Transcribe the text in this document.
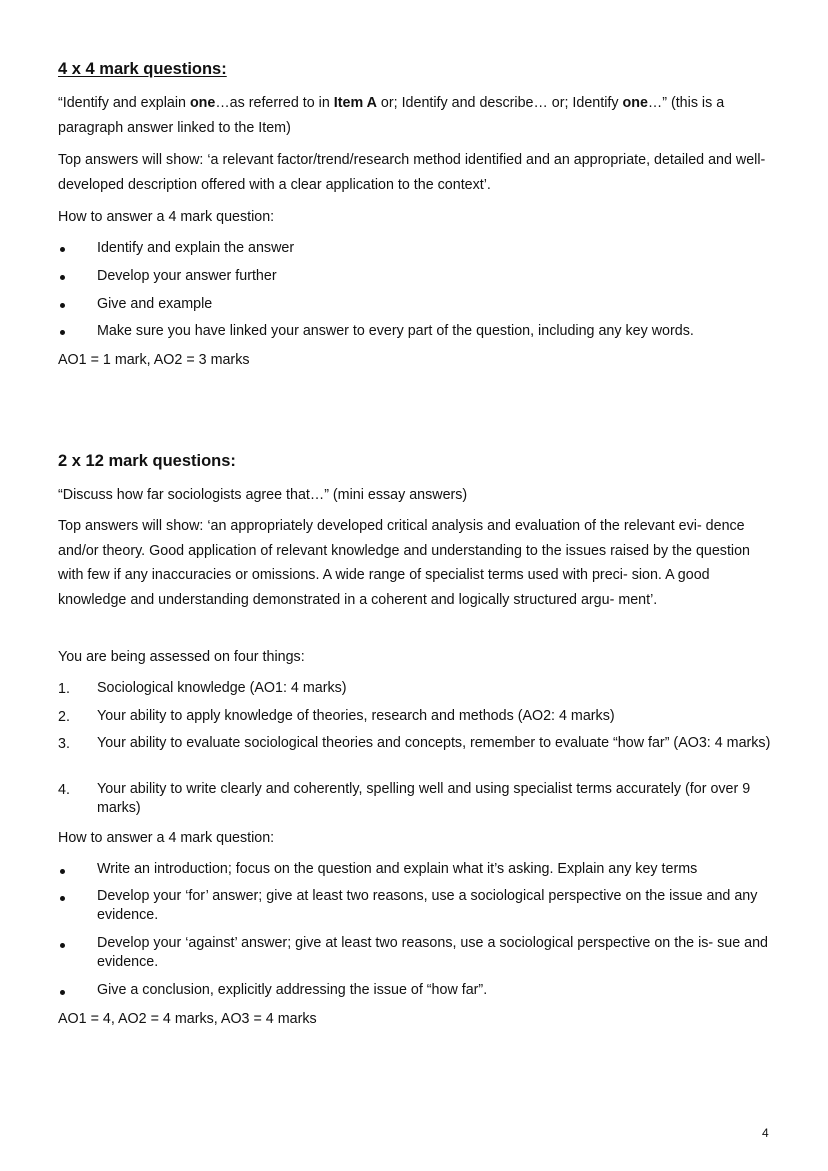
4 x 4 mark questions:

“Identify and explain one…as referred to in Item A or; Identify and describe… or; Identify one…” (this is a paragraph answer linked to the Item)

Top answers will show: ‘a relevant factor/trend/research method identified and an appropriate, detailed and well-developed description offered with a clear application to the context’.

How to answer a 4 mark question:

Identify and explain the answer
Develop your answer further
Give and example
Make sure you have linked your answer to every part of the question, including any key words.

AO1 = 1 mark, AO2 = 3 marks

2 x 12 mark questions:

“Discuss how far sociologists agree that…” (mini essay answers)

Top answers will show: ‘an appropriately developed critical analysis and evaluation of the relevant evi- dence and/or theory. Good application of relevant knowledge and understanding to the issues raised by the question with few if any inaccuracies or omissions. A wide range of specialist terms used with preci- sion. A good knowledge and understanding demonstrated in a coherent and logically structured argu- ment’.

You are being assessed on four things:

1.	Sociological knowledge (AO1: 4 marks)
2.	Your ability to apply knowledge of theories, research and methods (AO2: 4 marks)
3.	Your ability to evaluate sociological theories and concepts, remember to evaluate “how far” (AO3: 4 marks)
4.	Your ability to write clearly and coherently, spelling well and using specialist terms accurately (for over 9 marks)

How to answer a 4 mark question:

Write an introduction; focus on the question and explain what it’s asking. Explain any key terms
Develop your ‘for’ answer; give at least two reasons, use a sociological perspective on the issue and any evidence.
Develop your ‘against’ answer; give at least two reasons, use a sociological perspective on the is- sue and evidence.
Give a conclusion, explicitly addressing the issue of “how far”.

AO1 = 4, AO2 = 4 marks, AO3 = 4 marks

4
